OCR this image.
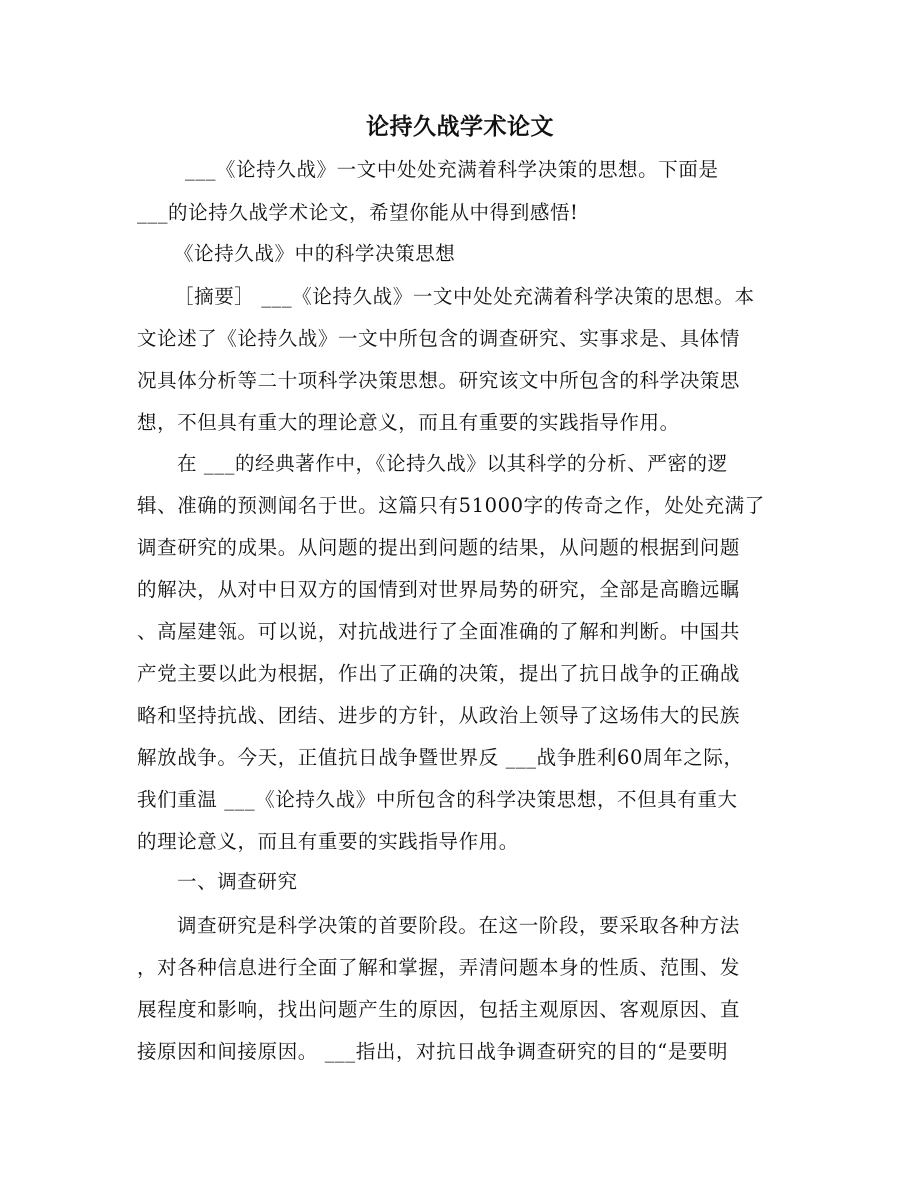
论持久战学术论文
___《论持久战》一文中处处充满着科学决策的思想。下面是
___的论持久战学术论文，希望你能从中得到感悟!
《论持久战》中的科学决策思想
［摘要］ ___《论持久战》一文中处处充满着科学决策的思想。本
文论述了《论持久战》一文中所包含的调查研究、实事求是、具体情
况具体分析等二十项科学决策思想。研究该文中所包含的科学决策思
想，不但具有重大的理论意义，而且有重要的实践指导作用。
在 ___的经典著作中，《论持久战》以其科学的分析、严密的逻
辑、准确的预测闻名于世。这篇只有51000字的传奇之作，处处充满了
调查研究的成果。从问题的提出到问题的结果，从问题的根据到问题
的解决，从对中日双方的国情到对世界局势的研究，全部是高瞻远瞩
、高屋建瓴。可以说，对抗战进行了全面准确的了解和判断。中国共
产党主要以此为根据，作出了正确的决策，提出了抗日战争的正确战
略和坚持抗战、团结、进步的方针，从政治上领导了这场伟大的民族
解放战争。今天，正值抗日战争暨世界反 ___战争胜利60周年之际，
我们重温 ___《论持久战》中所包含的科学决策思想，不但具有重大
的理论意义，而且有重要的实践指导作用。
一、调查研究
调查研究是科学决策的首要阶段。在这一阶段，要采取各种方法
，对各种信息进行全面了解和掌握，弄清问题本身的性质、范围、发
展程度和影响，找出问题产生的原因，包括主观原因、客观原因、直
接原因和间接原因。 ___指出，对抗日战争调查研究的目的“是要明
